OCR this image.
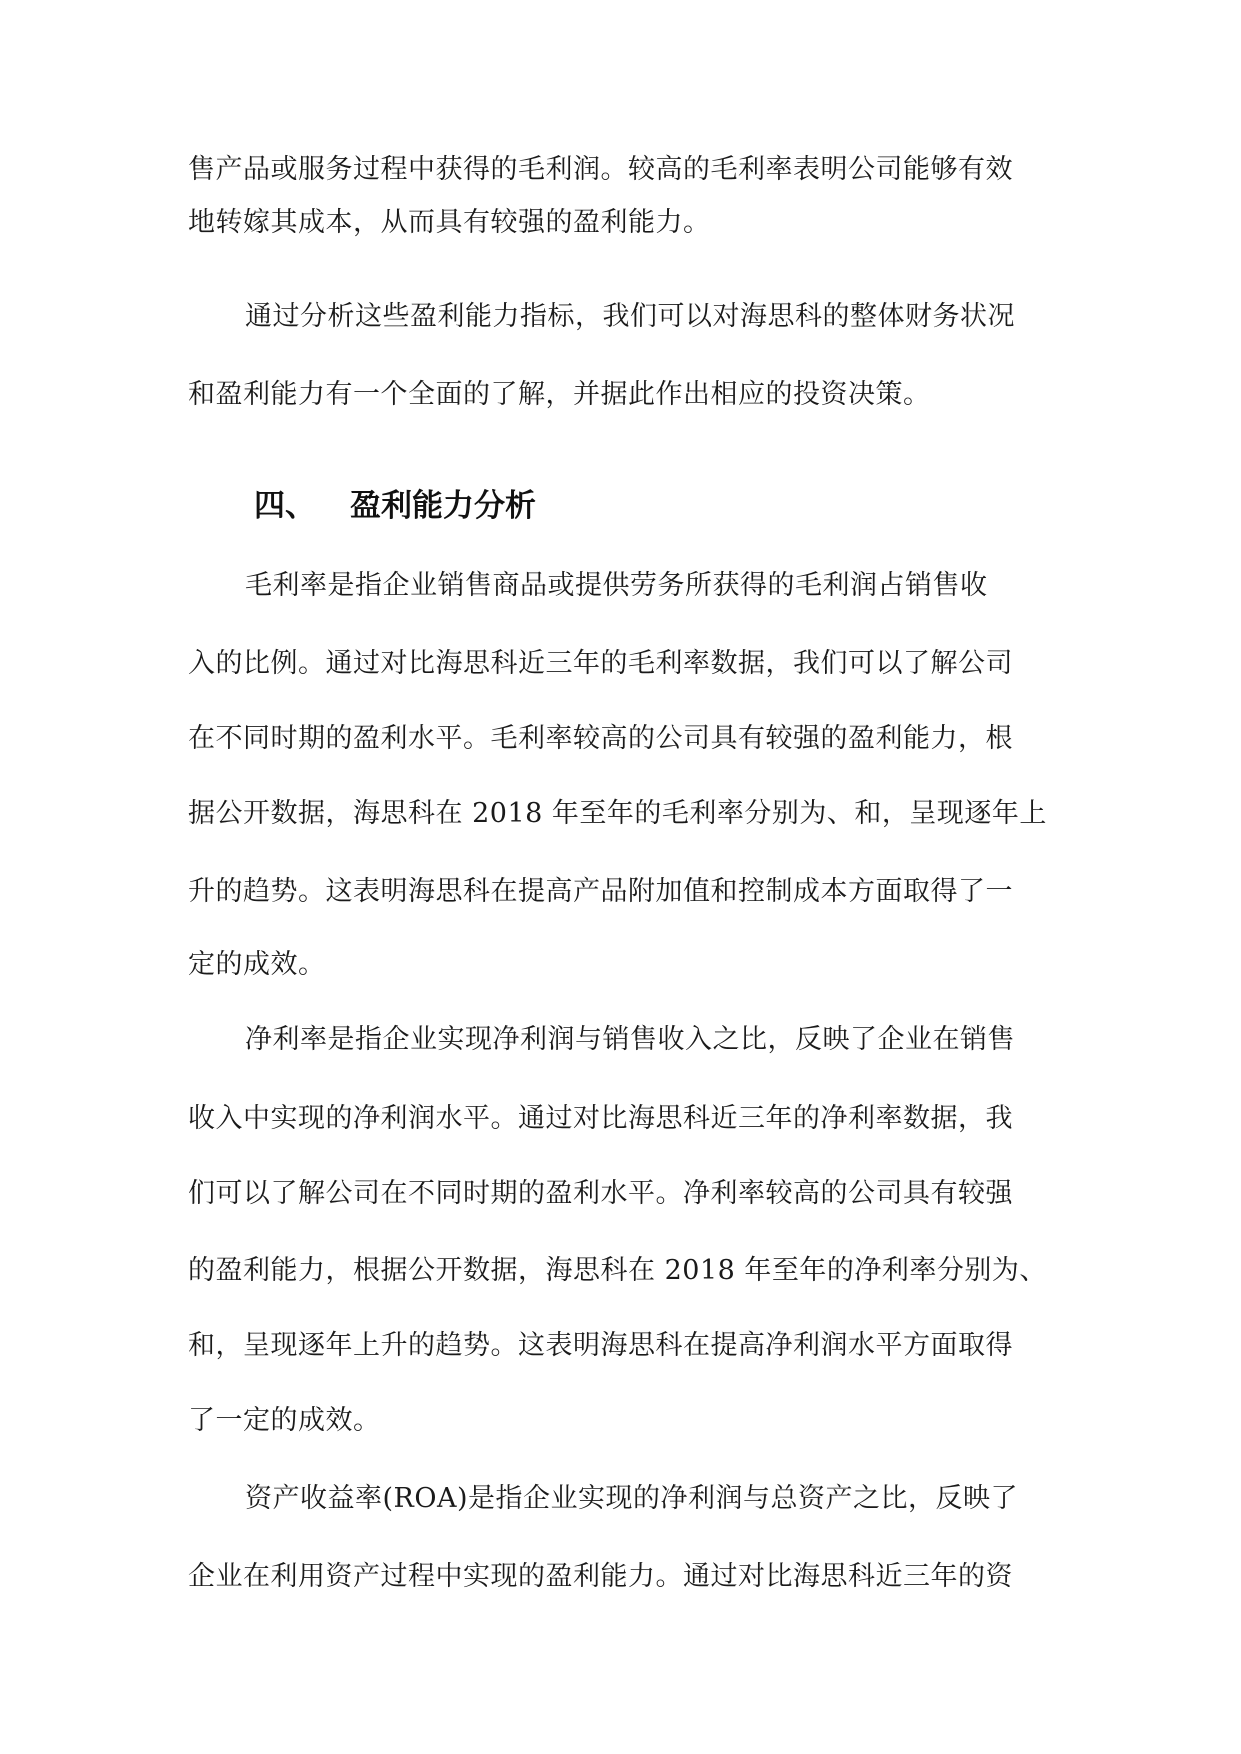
售产品或服务过程中获得的毛利润。较高的毛利率表明公司能够有效
地转嫁其成本，从而具有较强的盈利能力。
通过分析这些盈利能力指标，我们可以对海思科的整体财务状况
和盈利能力有一个全面的了解，并据此作出相应的投资决策。
四、 盈利能力分析
毛利率是指企业销售商品或提供劳务所获得的毛利润占销售收
入的比例。通过对比海思科近三年的毛利率数据，我们可以了解公司
在不同时期的盈利水平。毛利率较高的公司具有较强的盈利能力，根
据公开数据，海思科在 2018 年至年的毛利率分别为、和，呈现逐年上
升的趋势。这表明海思科在提高产品附加值和控制成本方面取得了一
定的成效。
净利率是指企业实现净利润与销售收入之比，反映了企业在销售
收入中实现的净利润水平。通过对比海思科近三年的净利率数据，我
们可以了解公司在不同时期的盈利水平。净利率较高的公司具有较强
的盈利能力，根据公开数据，海思科在 2018 年至年的净利率分别为、
和，呈现逐年上升的趋势。这表明海思科在提高净利润水平方面取得
了一定的成效。
资产收益率(ROA)是指企业实现的净利润与总资产之比，反映了
企业在利用资产过程中实现的盈利能力。通过对比海思科近三年的资
